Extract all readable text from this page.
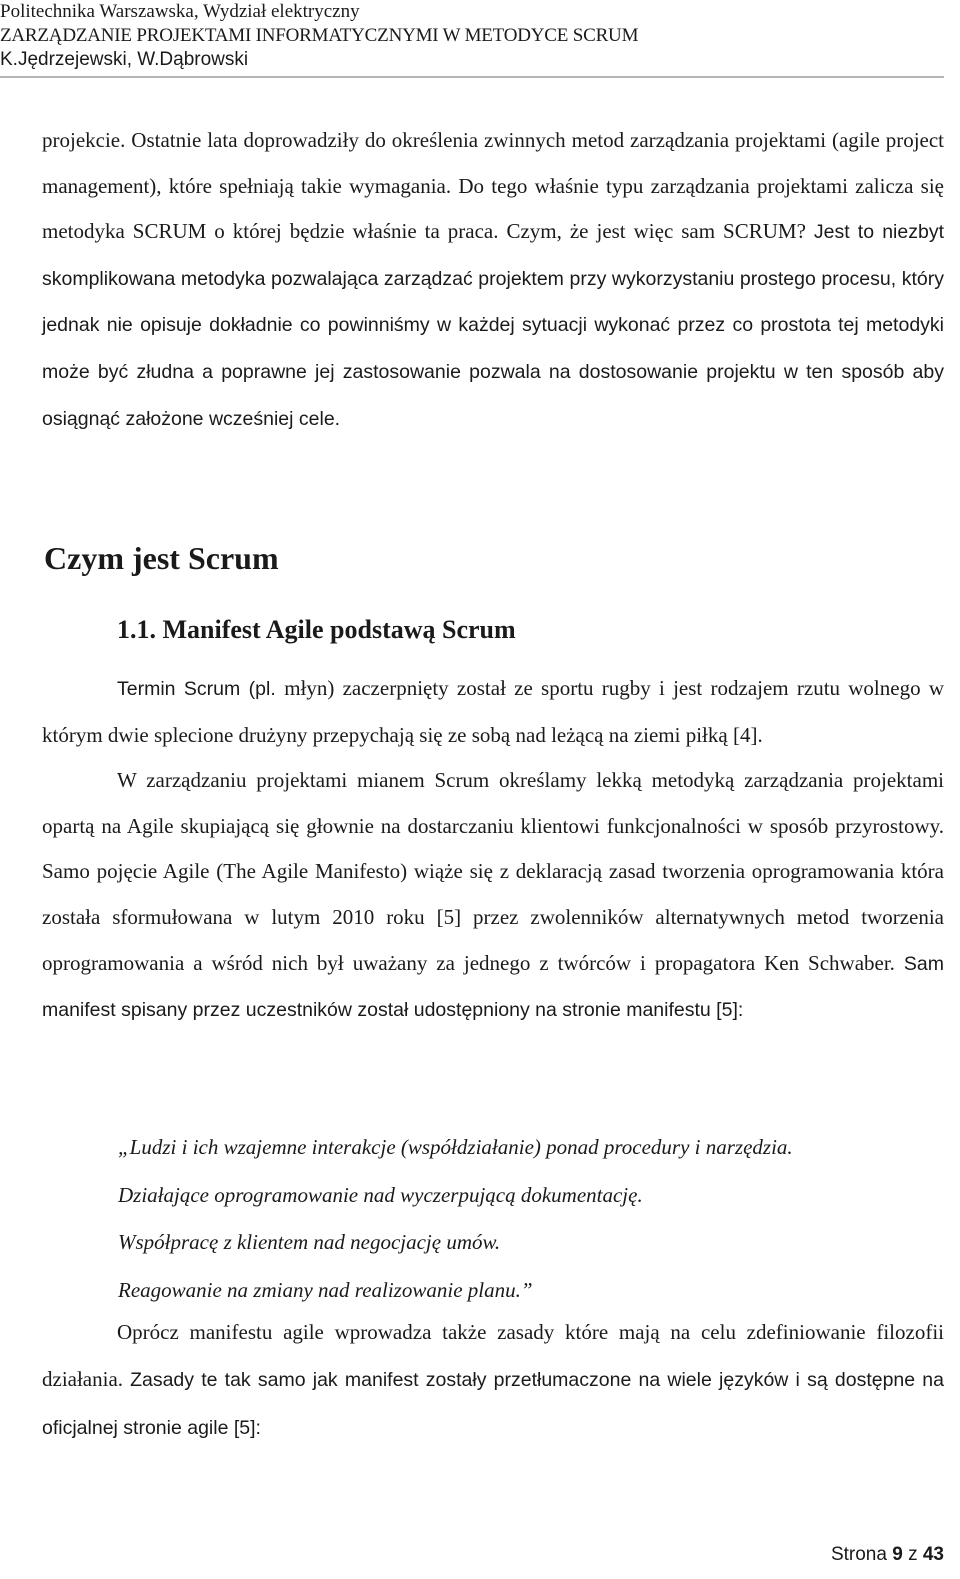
Politechnika Warszawska, Wydział elektryczny
ZARZĄDZANIE PROJEKTAMI INFORMATYCZNYMI W METODYCE SCRUM
K.Jędrzejewski, W.Dąbrowski

projekcie. Ostatnie lata doprowadziły do określenia zwinnych metod zarządzania projektami (agile project management), które spełniają takie wymagania. Do tego właśnie typu zarządzania projektami zalicza się metodyka SCRUM o której będzie właśnie ta praca. Czym, że jest więc sam SCRUM? Jest to niezbyt skomplikowana metodyka pozwalająca zarządzać projektem przy wykorzystaniu prostego procesu, który jednak nie opisuje dokładnie co powinniśmy w każdej sytuacji wykonać przez co prostota tej metodyki może być złudna a poprawne jej zastosowanie pozwala na dostosowanie projektu w ten sposób aby osiągnąć założone wcześniej cele.

Czym jest Scrum
1.1. Manifest Agile podstawą Scrum

Termin Scrum (pl. młyn) zaczerpnięty został ze sportu rugby i jest rodzajem rzutu wolnego w którym dwie splecione drużyny przepychają się ze sobą nad leżącą na ziemi piłką [4].

W zarządzaniu projektami mianem Scrum określamy lekką metodyką zarządzania projektami opartą na Agile skupiającą się głownie na dostarczaniu klientowi funkcjonalności w sposób przyrostowy. Samo pojęcie Agile (The Agile Manifesto) wiąże się z deklaracją zasad tworzenia oprogramowania która została sformułowana w lutym 2010 roku [5] przez zwolenników alternatywnych metod tworzenia oprogramowania a wśród nich był uważany za jednego z twórców i propagatora Ken Schwaber. Sam manifest spisany przez uczestników został udostępniony na stronie manifestu [5]:

„Ludzi i ich wzajemne interakcje (współdziałanie) ponad procedury i narzędzia.

Działające oprogramowanie nad wyczerpującą dokumentację.

Współpracę z klientem nad negocjację umów.

Reagowanie na zmiany nad realizowanie planu.”

Oprócz manifestu agile wprowadza także zasady które mają na celu zdefiniowanie filozofii działania. Zasady te tak samo jak manifest zostały przetłumaczone na wiele języków i są dostępne na oficjalnej stronie agile [5]:

Strona 9 z 43
